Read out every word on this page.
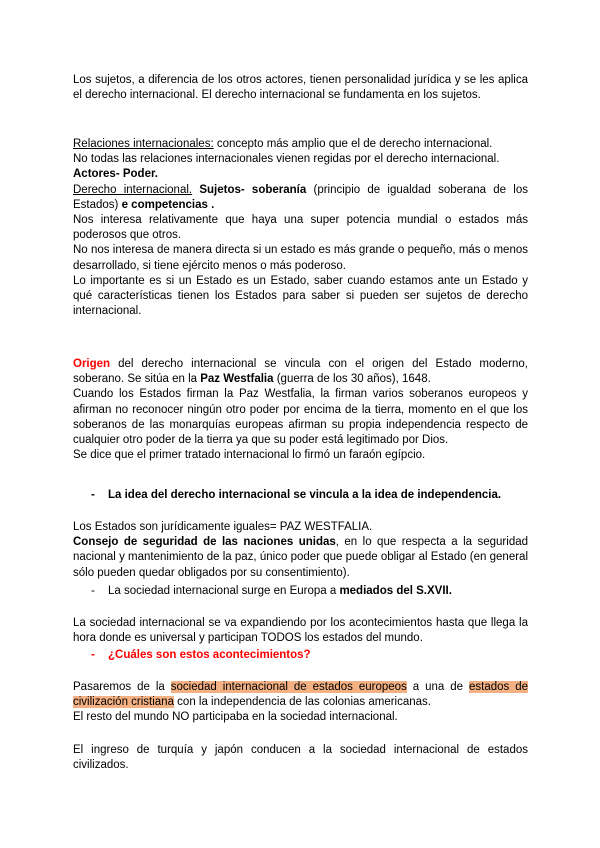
Los sujetos, a diferencia de los otros actores, tienen personalidad jurídica y se les aplica el derecho internacional. El derecho internacional se fundamenta en los sujetos.

Relaciones internacionales: concepto más amplio que el de derecho internacional.
No todas las relaciones internacionales vienen regidas por el derecho internacional.
Actores- Poder.
Derecho internacional. Sujetos- soberanía (principio de igualdad soberana de los Estados) e competencias .
Nos interesa relativamente que haya una super potencia mundial o estados más poderosos que otros.
No nos interesa de manera directa si un estado es más grande o pequeño, más o menos desarrollado, si tiene ejército menos o más poderoso.
Lo importante es si un Estado es un Estado, saber cuando estamos ante un Estado y qué características tienen los Estados para saber si pueden ser sujetos de derecho internacional.
Origen del derecho internacional se vincula con el origen del Estado moderno, soberano. Se sitúa en la Paz Westfalia (guerra de los 30 años), 1648.
Cuando los Estados firman la Paz Westfalia, la firman varios soberanos europeos y afirman no reconocer ningún otro poder por encima de la tierra, momento en el que los soberanos de las monarquías europeas afirman su propia independencia respecto de cualquier otro poder de la tierra ya que su poder está legitimado por Dios.
Se dice que el primer tratado internacional lo firmó un faraón egípcio.
- La idea del derecho internacional se vincula a la idea de independencia.
Los Estados son jurídicamente iguales= PAZ WESTFALIA.
Consejo de seguridad de las naciones unidas, en lo que respecta a la seguridad nacional y mantenimiento de la paz, único poder que puede obligar al Estado (en general sólo pueden quedar obligados por su consentimiento).
- La sociedad internacional surge en Europa a mediados del S.XVII.

La sociedad internacional se va expandiendo por los acontecimientos hasta que llega la hora donde es universal y participan TODOS los estados del mundo.

- ¿Cuáles son estos acontecimientos?
Pasaremos de la sociedad internacional de estados europeos a una de estados de civilización cristiana con la independencia de las colonias americanas.
El resto del mundo NO participaba en la sociedad internacional.

El ingreso de turquía y japón conducen a la sociedad internacional de estados civilizados.
